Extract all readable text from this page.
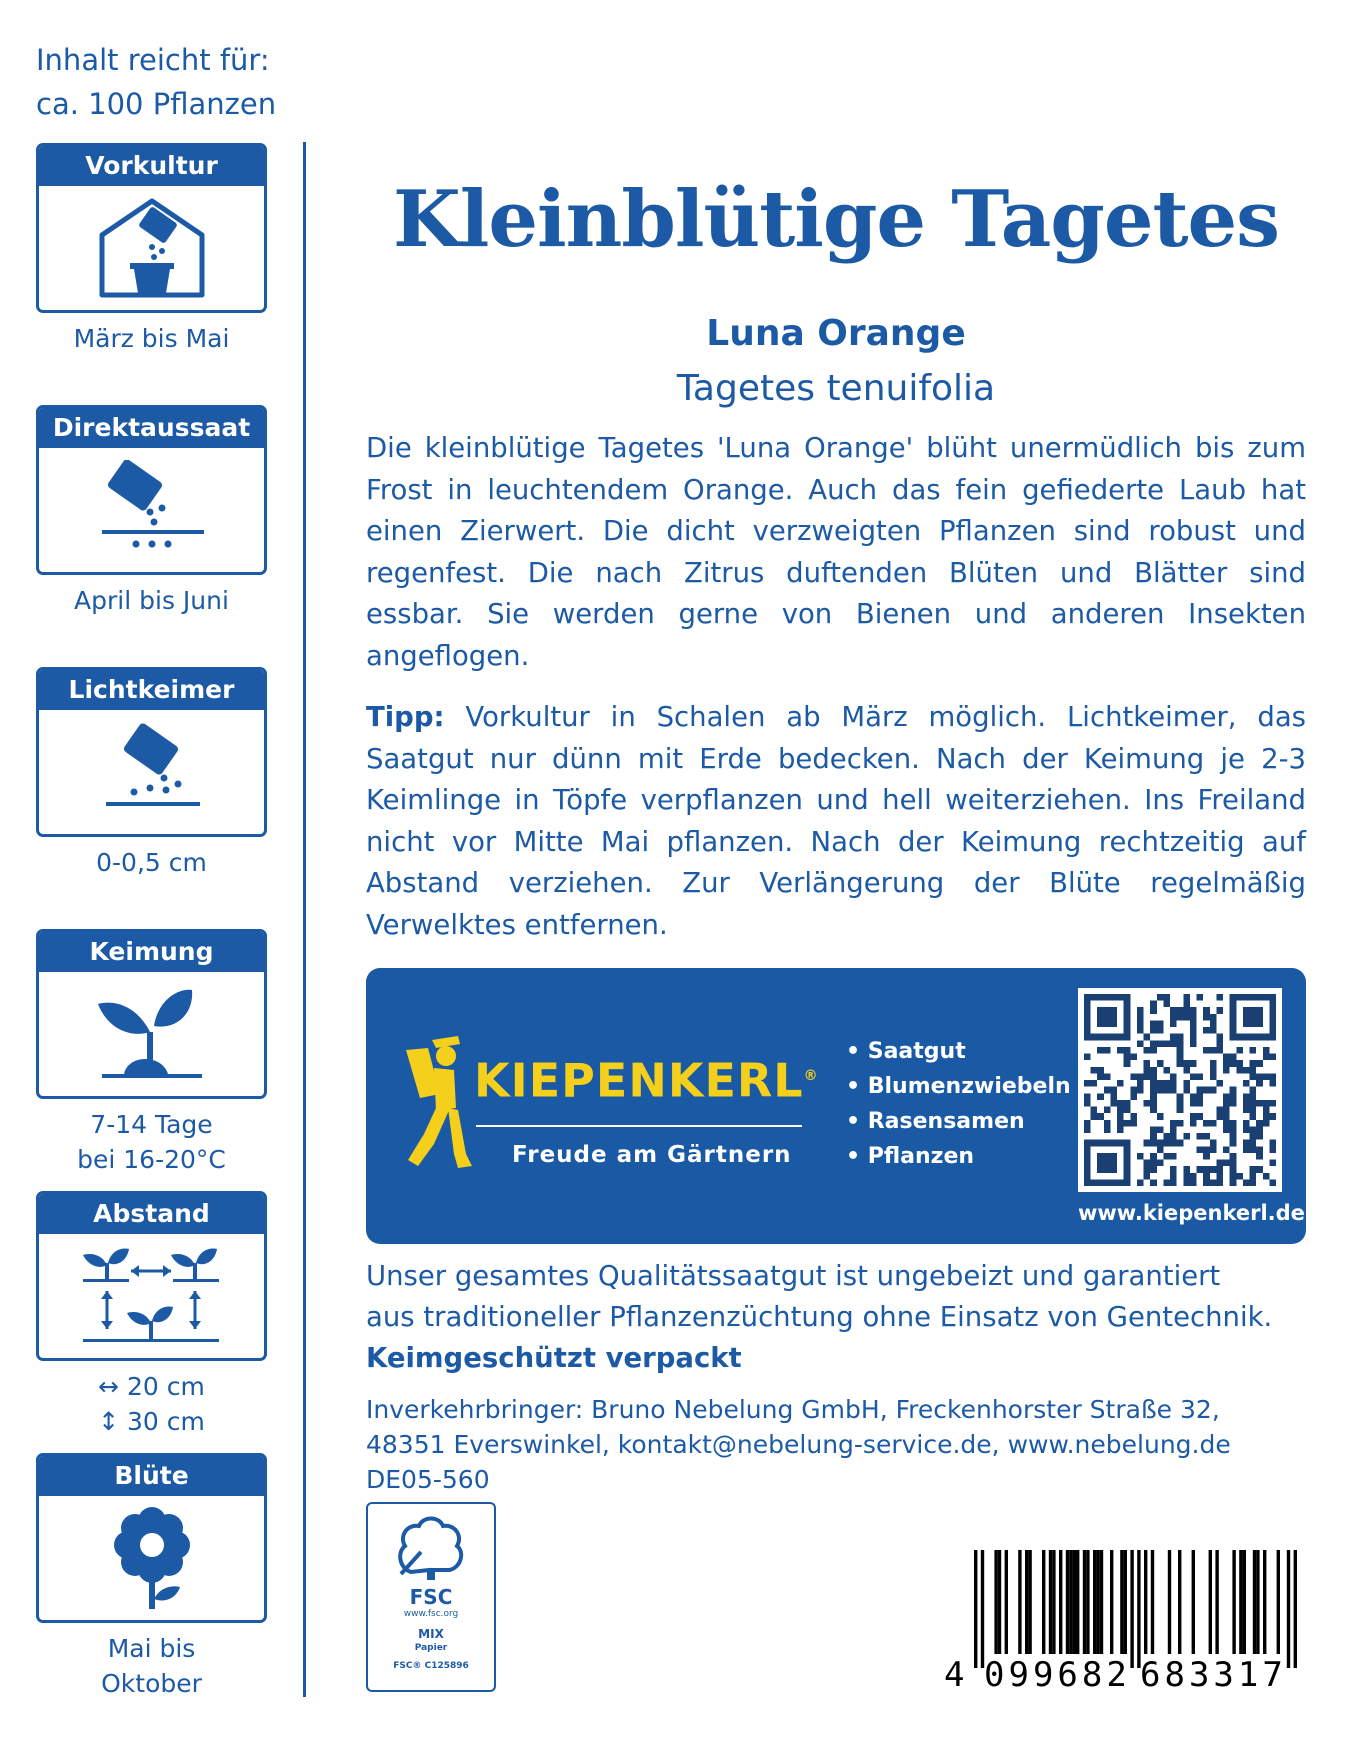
Inhalt reicht für:
ca. 100 Pflanzen
Vorkultur
März bis Mai
Direktaussaat
April bis Juni
Lichtkeimer
0-0,5 cm
Keimung
7-14 Tage
bei 16-20°C
Abstand
↔ 20 cm
↕ 30 cm
Blüte
Mai bis
Oktober
Kleinblütige Tagetes
Luna Orange
Tagetes tenuifolia

Die kleinblütige Tagetes 'Luna Orange' blüht unermüdlich bis zum Frost in leuchtendem Orange. Auch das fein gefiederte Laub hat einen Zierwert. Die dicht verzweigten Pflanzen sind robust und regenfest. Die nach Zitrus duftenden Blüten und Blätter sind essbar. Sie werden gerne von Bienen und anderen Insekten angeflogen.

Tipp: Vorkultur in Schalen ab März möglich. Lichtkeimer, das Saatgut nur dünn mit Erde bedecken. Nach der Keimung je 2-3 Keimlinge in Töpfe verpflanzen und hell weiterziehen. Ins Freiland nicht vor Mitte Mai pflanzen. Nach der Keimung rechtzeitig auf Abstand verziehen. Zur Verlängerung der Blüte regelmäßig Verwelktes entfernen.

KIEPENKERL®
Freude am Gärtnern
• Saatgut
• Blumenzwiebeln
• Rasensamen
• Pflanzen
www.kiepenkerl.de
Unser gesamtes Qualitätssaatgut ist ungebeizt und garantiert
aus traditioneller Pflanzenzüchtung ohne Einsatz von Gentechnik.
Keimgeschützt verpackt
Inverkehrbringer: Bruno Nebelung GmbH, Freckenhorster Straße 32,
48351 Everswinkel, kontakt@nebelung-service.de, www.nebelung.de
DE05-560
FSC
www.fsc.org
MIX
Papier
FSC® C125896	4 099682 683317
